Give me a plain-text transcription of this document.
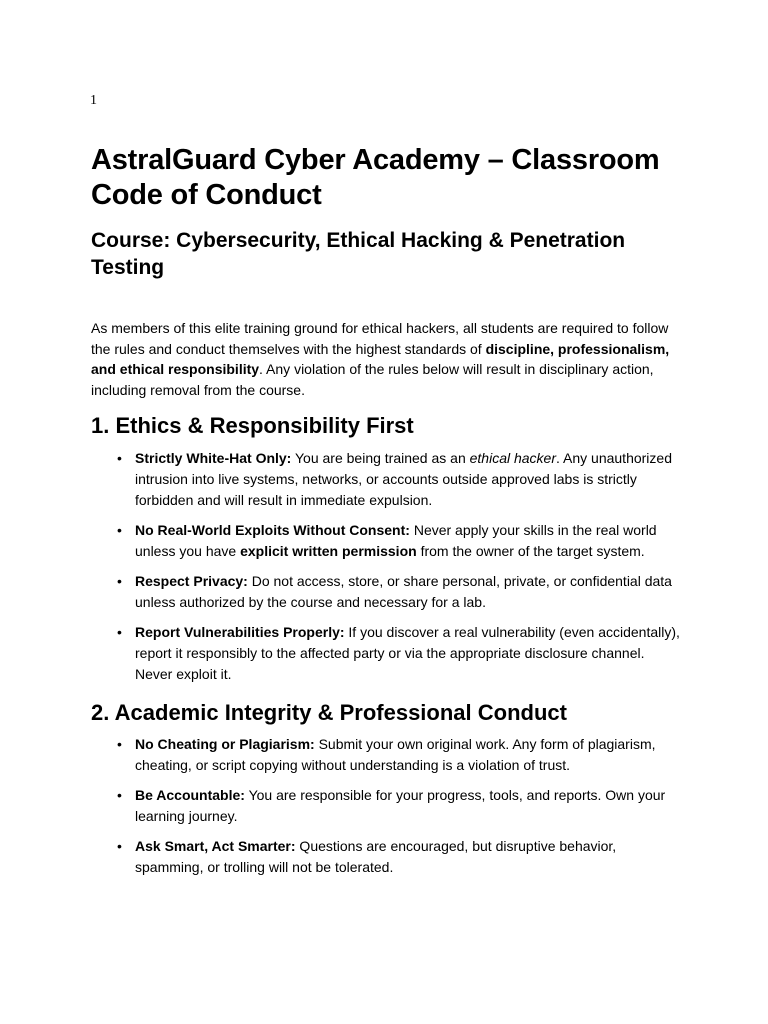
1
AstralGuard Cyber Academy – Classroom Code of Conduct
Course: Cybersecurity, Ethical Hacking & Penetration Testing

As members of this elite training ground for ethical hackers, all students are required to follow the rules and conduct themselves with the highest standards of discipline, professionalism, and ethical responsibility. Any violation of the rules below will result in disciplinary action, including removal from the course.

1. Ethics & Responsibility First
• Strictly White-Hat Only: You are being trained as an ethical hacker. Any unauthorized intrusion into live systems, networks, or accounts outside approved labs is strictly forbidden and will result in immediate expulsion.
• No Real-World Exploits Without Consent: Never apply your skills in the real world unless you have explicit written permission from the owner of the target system.
• Respect Privacy: Do not access, store, or share personal, private, or confidential data unless authorized by the course and necessary for a lab.
• Report Vulnerabilities Properly: If you discover a real vulnerability (even accidentally), report it responsibly to the affected party or via the appropriate disclosure channel. Never exploit it.
2. Academic Integrity & Professional Conduct
• No Cheating or Plagiarism: Submit your own original work. Any form of plagiarism, cheating, or script copying without understanding is a violation of trust.
• Be Accountable: You are responsible for your progress, tools, and reports. Own your learning journey.
• Ask Smart, Act Smarter: Questions are encouraged, but disruptive behavior, spamming, or trolling will not be tolerated.
